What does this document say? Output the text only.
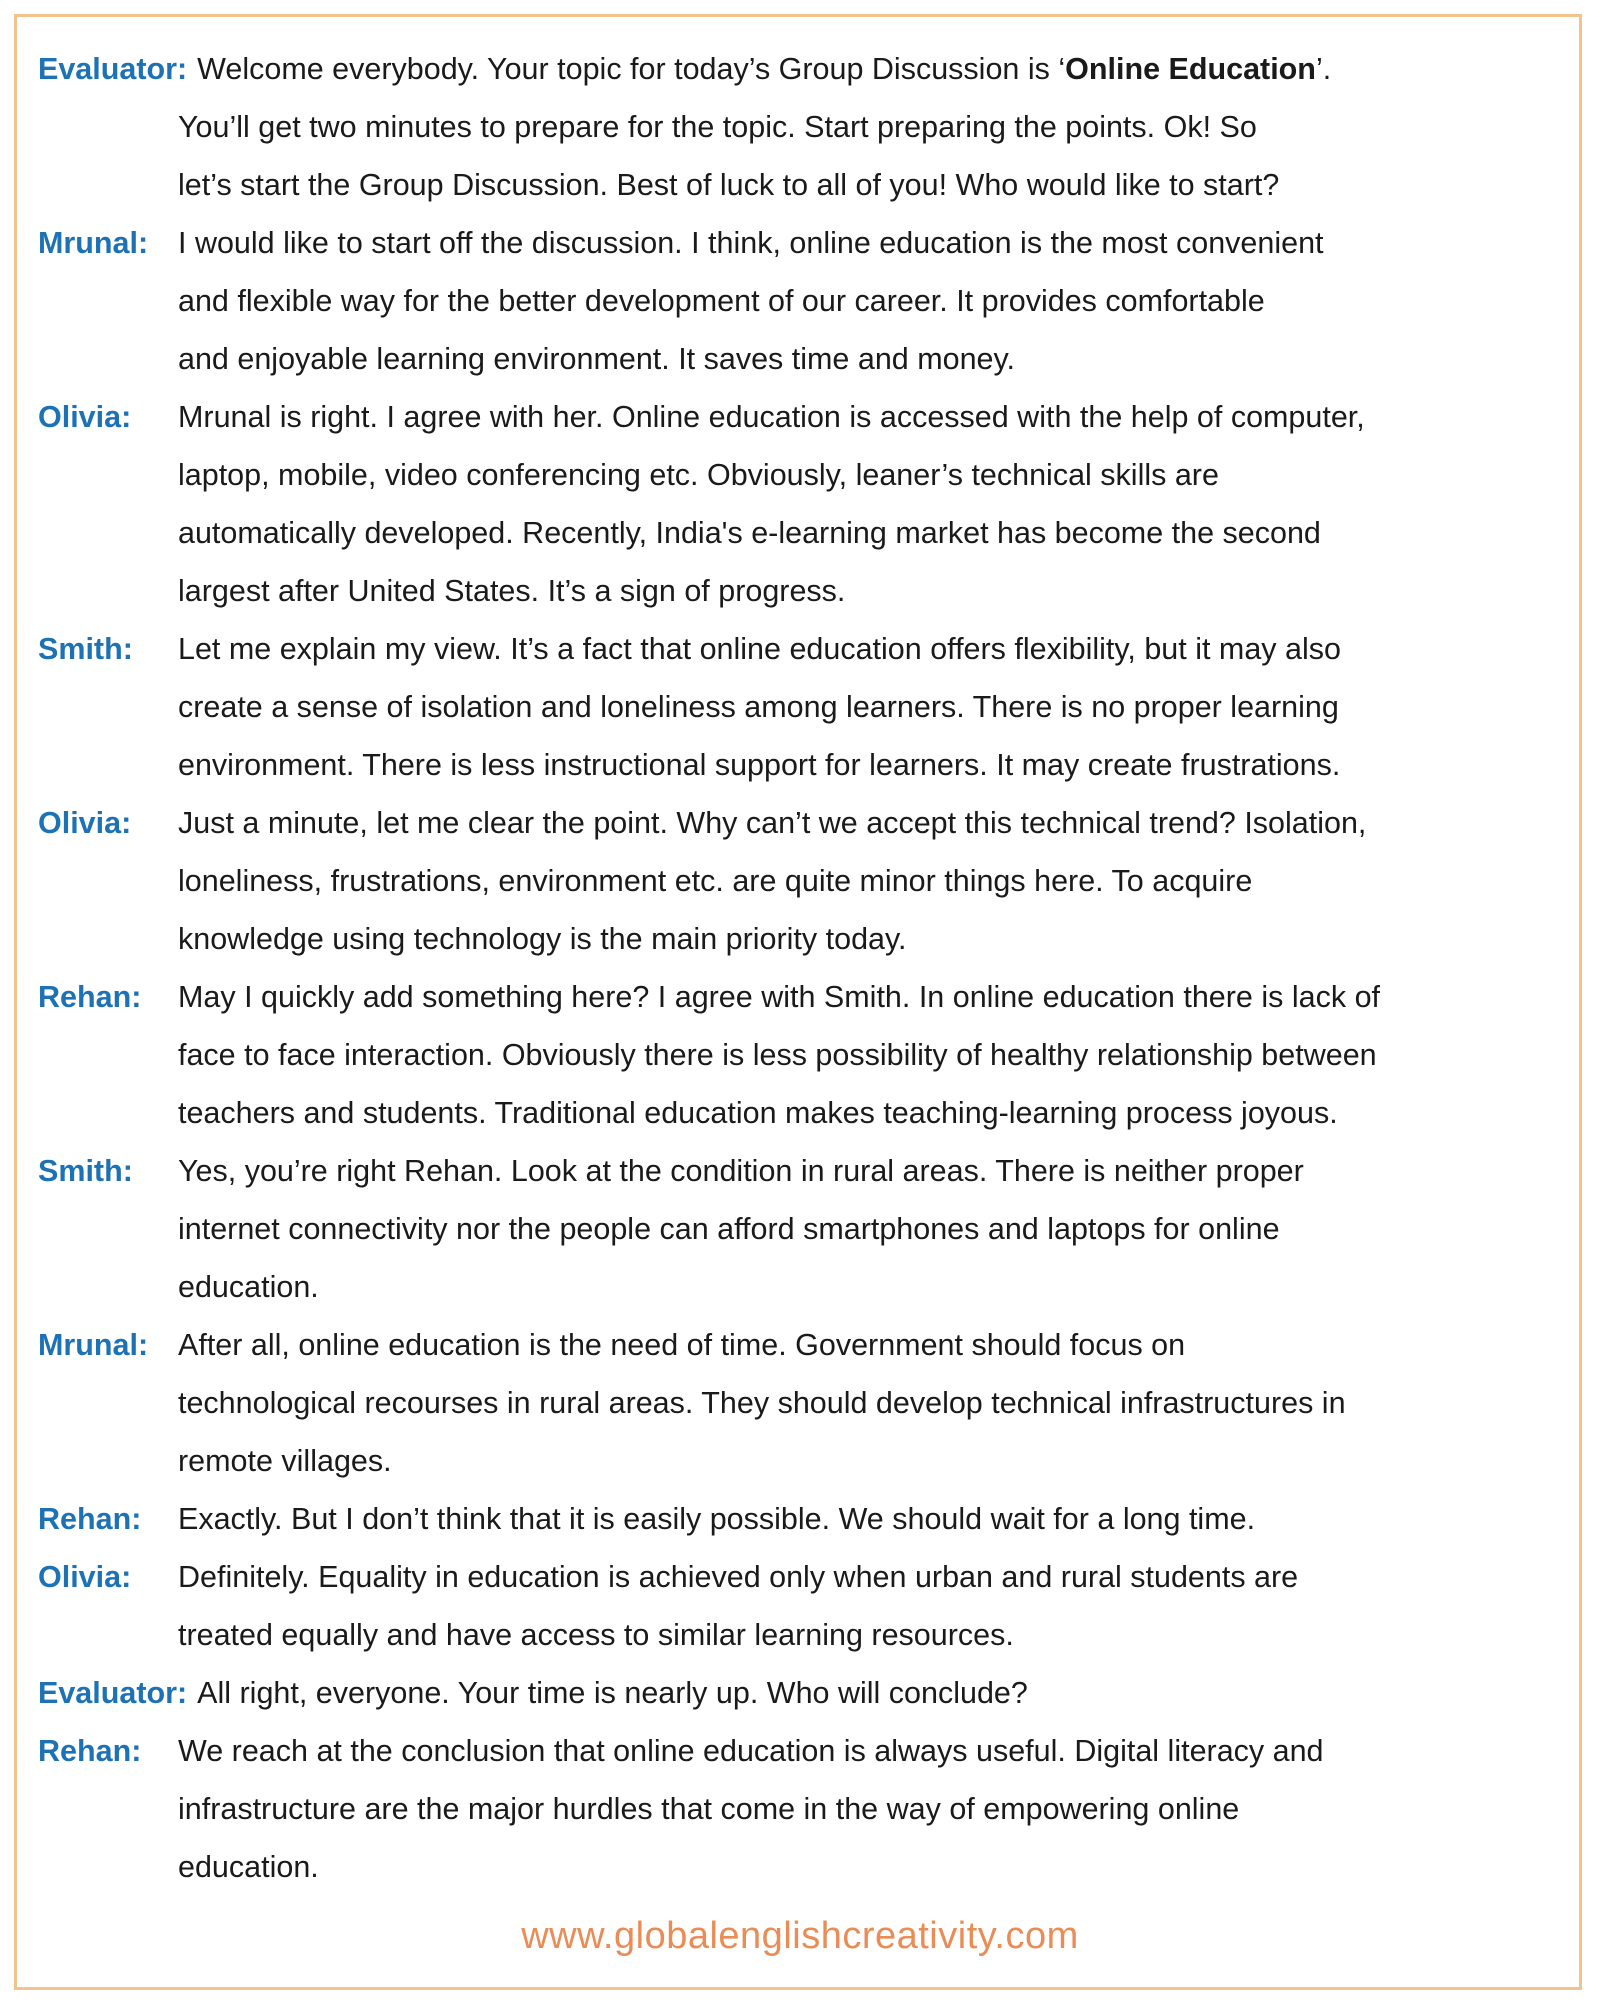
Evaluator: Welcome everybody. Your topic for today’s Group Discussion is ‘Online Education’.
You’ll get two minutes to prepare for the topic. Start preparing the points. Ok! So
let’s start the Group Discussion. Best of luck to all of you! Who would like to start?
Mrunal: I would like to start off the discussion. I think, online education is the most convenient
and flexible way for the better development of our career. It provides comfortable
and enjoyable learning environment. It saves time and money.
Olivia:	Mrunal is right. I agree with her. Online education is accessed with the help of computer,
laptop, mobile, video conferencing etc. Obviously, leaner’s technical skills are
automatically developed. Recently, India's e-learning market has become the second
largest after United States. It’s a sign of progress.
Smith:	Let me explain my view. It’s a fact that online education offers flexibility, but it may also
create a sense of isolation and loneliness among learners. There is no proper learning
environment. There is less instructional support for learners. It may create frustrations.
Olivia:	Just a minute, let me clear the point. Why can’t we accept this technical trend? Isolation,
loneliness, frustrations, environment etc. are quite minor things here. To acquire
knowledge using technology is the main priority today.
Rehan:	May I quickly add something here? I agree with Smith. In online education there is lack of
face to face interaction. Obviously there is less possibility of healthy relationship between
teachers and students. Traditional education makes teaching-learning process joyous.
Smith:	Yes, you’re right Rehan. Look at the condition in rural areas. There is neither proper
internet connectivity nor the people can afford smartphones and laptops for online
education.
Mrunal: After all, online education is the need of time. Government should focus on
technological recourses in rural areas. They should develop technical infrastructures in
remote villages.
Rehan:	Exactly. But I don’t think that it is easily possible. We should wait for a long time.
Olivia:	Definitely. Equality in education is achieved only when urban and rural students are
treated equally and have access to similar learning resources.
Evaluator: All right, everyone. Your time is nearly up. Who will conclude?
Rehan:	We reach at the conclusion that online education is always useful. Digital literacy and
infrastructure are the major hurdles that come in the way of empowering online
education.
www.globalenglishcreativity.com
